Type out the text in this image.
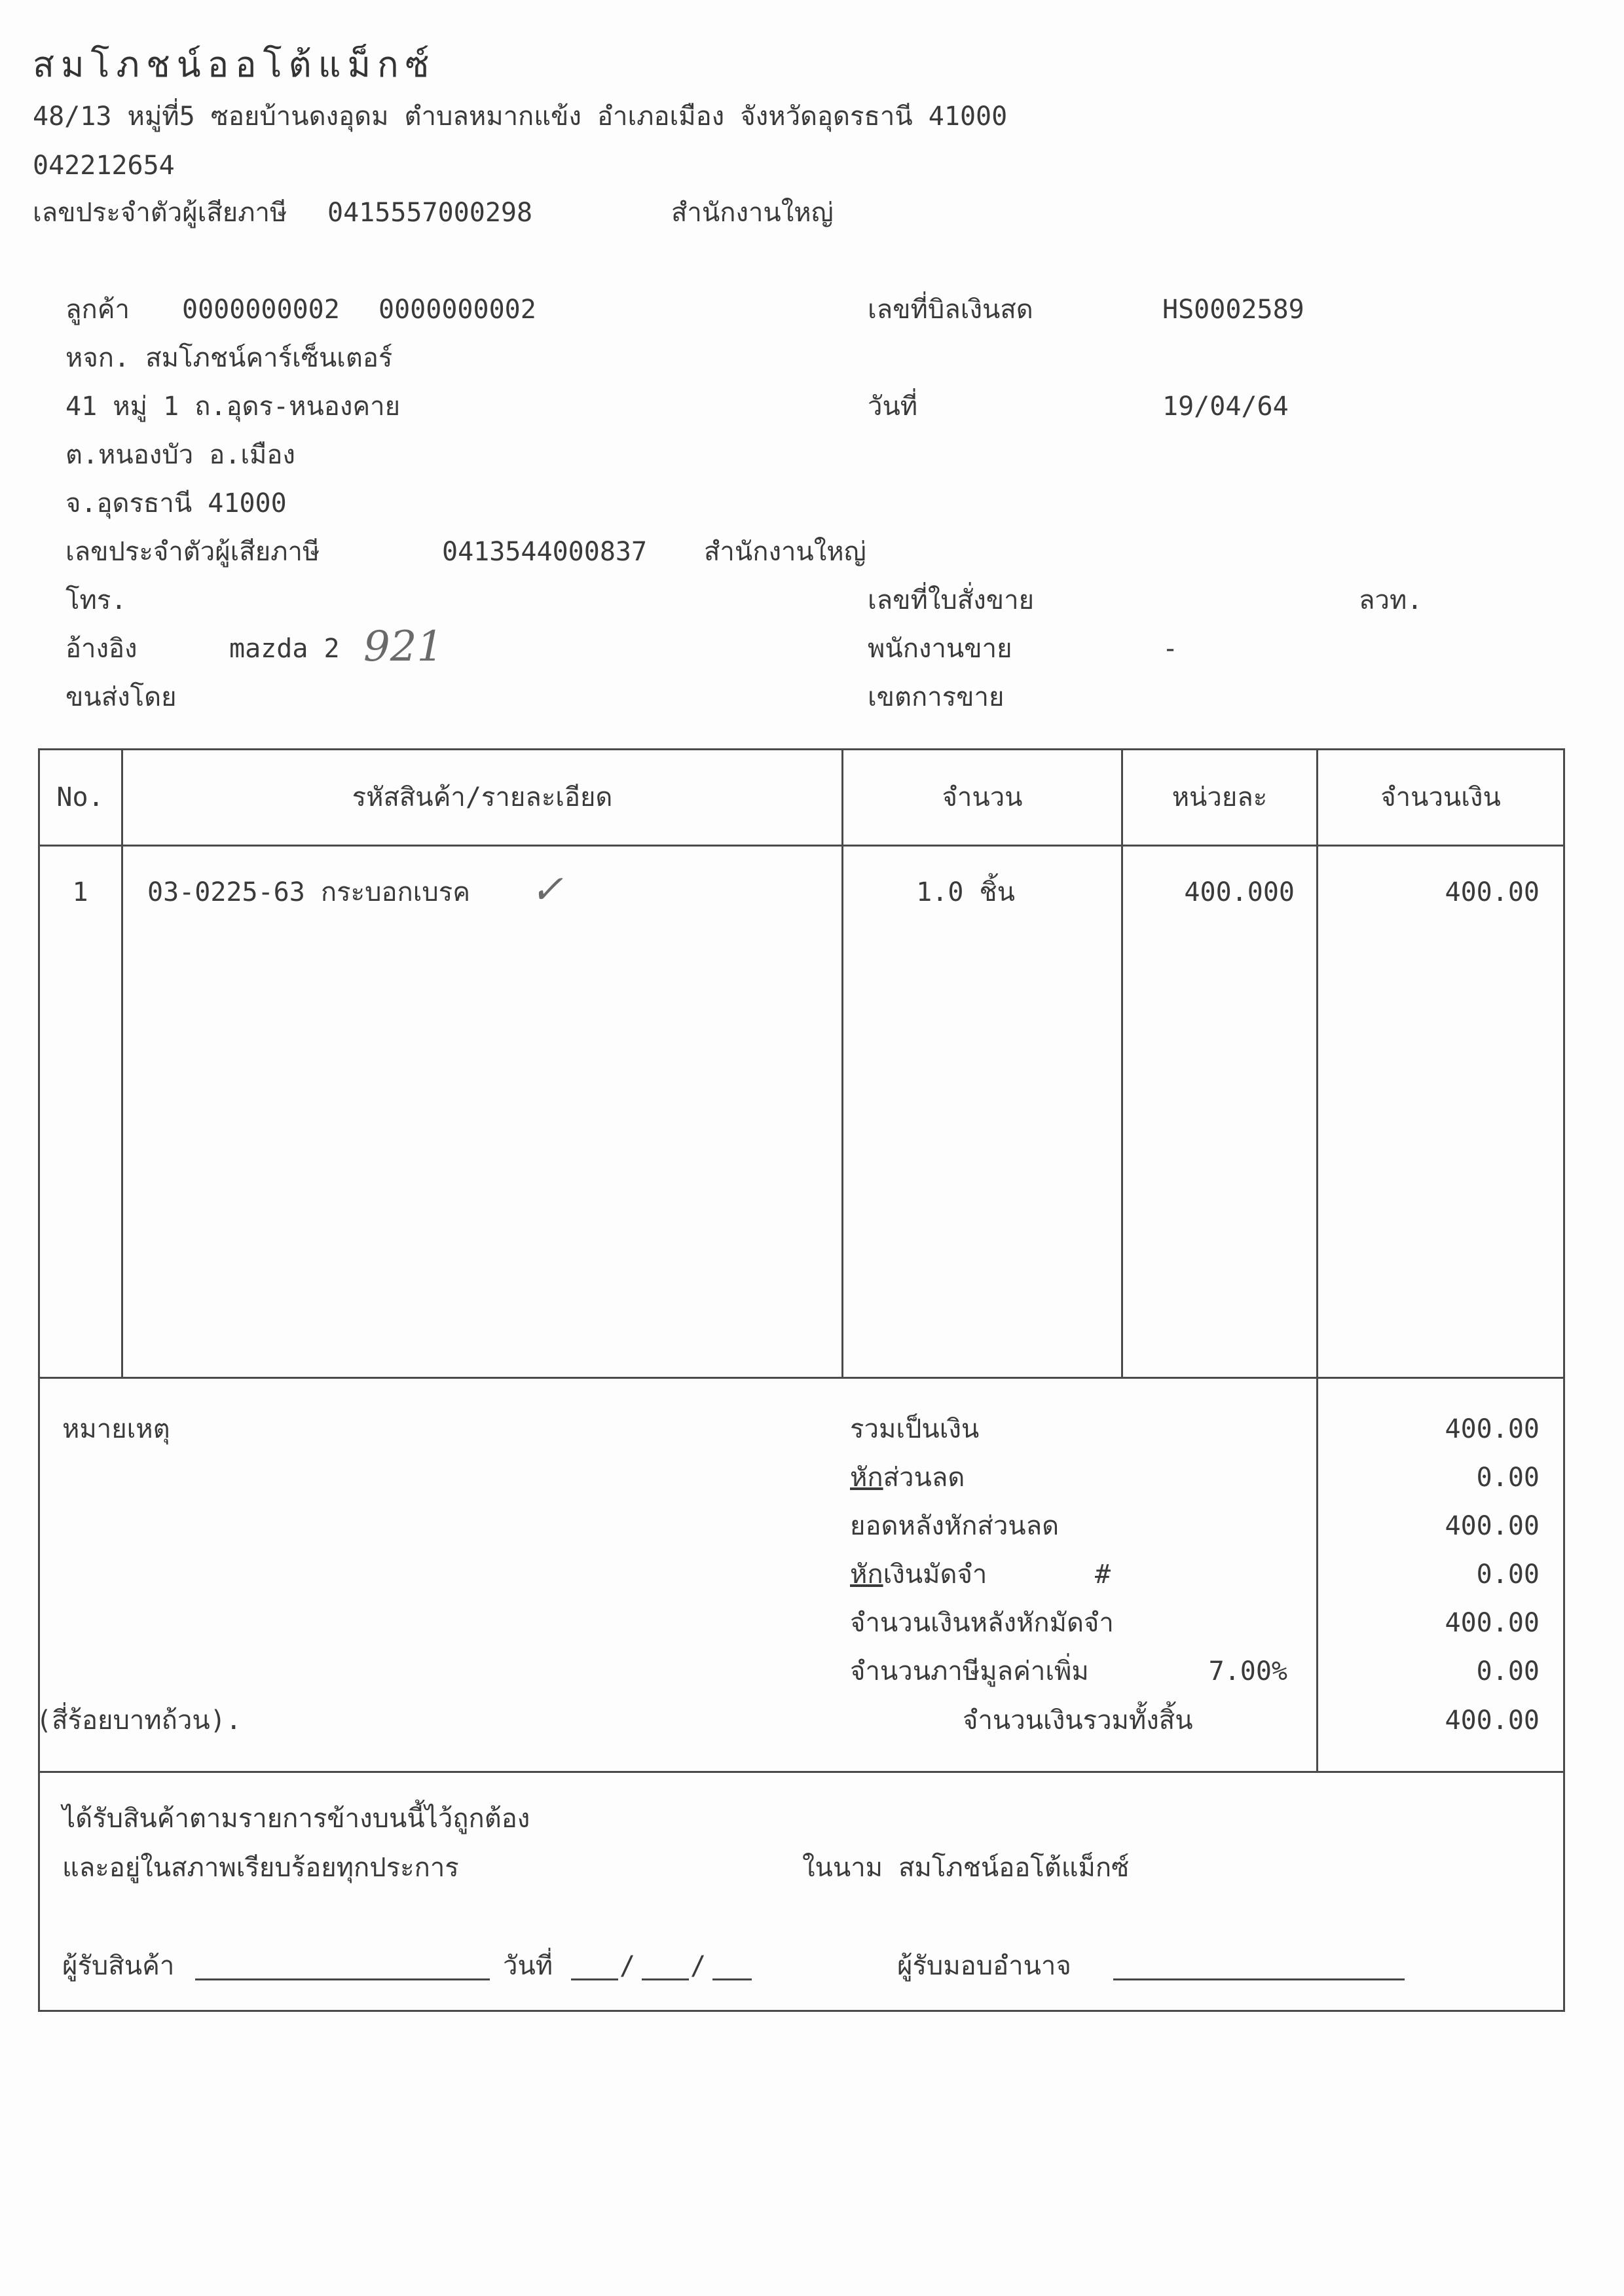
สมโภชน์ออโต้แม็กซ์
48/13 หมู่ที่5 ซอยบ้านดงอุดม ตำบลหมากแข้ง อำเภอเมือง จังหวัดอุดรธานี 41000
042212654
เลขประจำตัวผู้เสียภาษี 0415557000298	สำนักงานใหญ่
ลูกค้า 0000000002 0000000002
หจก. สมโภชน์คาร์เซ็นเตอร์
41 หมู่ 1 ถ.อุดร-หนองคาย
ต.หนองบัว อ.เมือง
จ.อุดรธานี 41000
เลขประจำตัวผู้เสียภาษี	0413544000837 สำนักงานใหญ่
โทร.
อ้างอิง	mazda 2 921
ขนส่งโดย
เลขที่บิลเงินสด	HS0002589
วันที่	19/04/64
เลขที่ใบสั่งขาย	ลวท.
พนักงานขาย	-
เขตการขาย
No.	รหัสสินค้า/รายละเอียด	จำนวน	หน่วยละ	จำนวนเงิน
1	03-0225-63 กระบอกเบรค ✓	1.0 ชิ้น	400.000	400.00
หมายเหตุ
(สี่ร้อยบาทถ้วน).
รวมเป็นเงิน	400.00
หักส่วนลด	0.00
ยอดหลังหักส่วนลด	400.00
หักเงินมัดจำ	#	0.00
จำนวนเงินหลังหักมัดจำ	400.00
จำนวนภาษีมูลค่าเพิ่ม	7.00%	0.00
จำนวนเงินรวมทั้งสิ้น	400.00
ได้รับสินค้าตามรายการข้างบนนี้ไว้ถูกต้อง
และอยู่ในสภาพเรียบร้อยทุกประการ	ในนาม สมโภชน์ออโต้แม็กซ์
ผู้รับสินค้า	วันที่	/ /	ผู้รับมอบอำนาจ
